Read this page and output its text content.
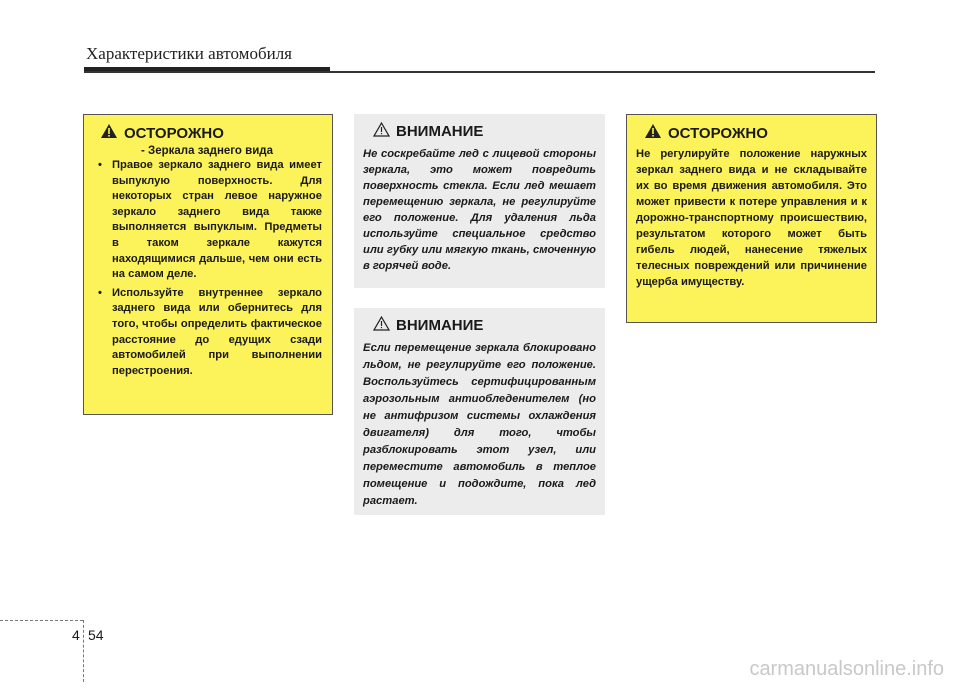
Характеристики автомобиля
ОСТОРОЖНО
- Зеркала заднего вида
• Правое зеркало заднего вида имеет выпуклую поверхность. Для некоторых стран левое наружное зеркало заднего вида также выполняется выпуклым. Предметы в таком зеркале кажутся находящимися дальше, чем они есть на самом деле.
• Используйте внутреннее зеркало заднего вида или обернитесь для того, чтобы определить фактическое расстояние до едущих сзади автомобилей при выполнении перестроения.
ВНИМАНИЕ
Не соскребайте лед с лицевой стороны зеркала, это может повредить поверхность стекла. Если лед мешает перемещению зеркала, не регулируйте его положение. Для удаления льда используйте специальное средство или губку или мягкую ткань, смоченную в горячей воде.
ВНИМАНИЕ
Если перемещение зеркала блокировано льдом, не регулируйте его положение. Воспользуйтесь сертифицированным аэрозольным антиобледенителем (но не антифризом системы охлаждения двигателя) для того, чтобы разблокировать этот узел, или переместите автомобиль в теплое помещение и подождите, пока лед растает.
ОСТОРОЖНО
Не регулируйте положение наружных зеркал заднего вида и не складывайте их во время движения автомобиля. Это может привести к потере управления и к дорожно-транспортному происшествию, результатом которого может быть гибель людей, нанесение тяжелых телесных повреждений или причинение ущерба имуществу.
4 54
carmanualsonline.info
